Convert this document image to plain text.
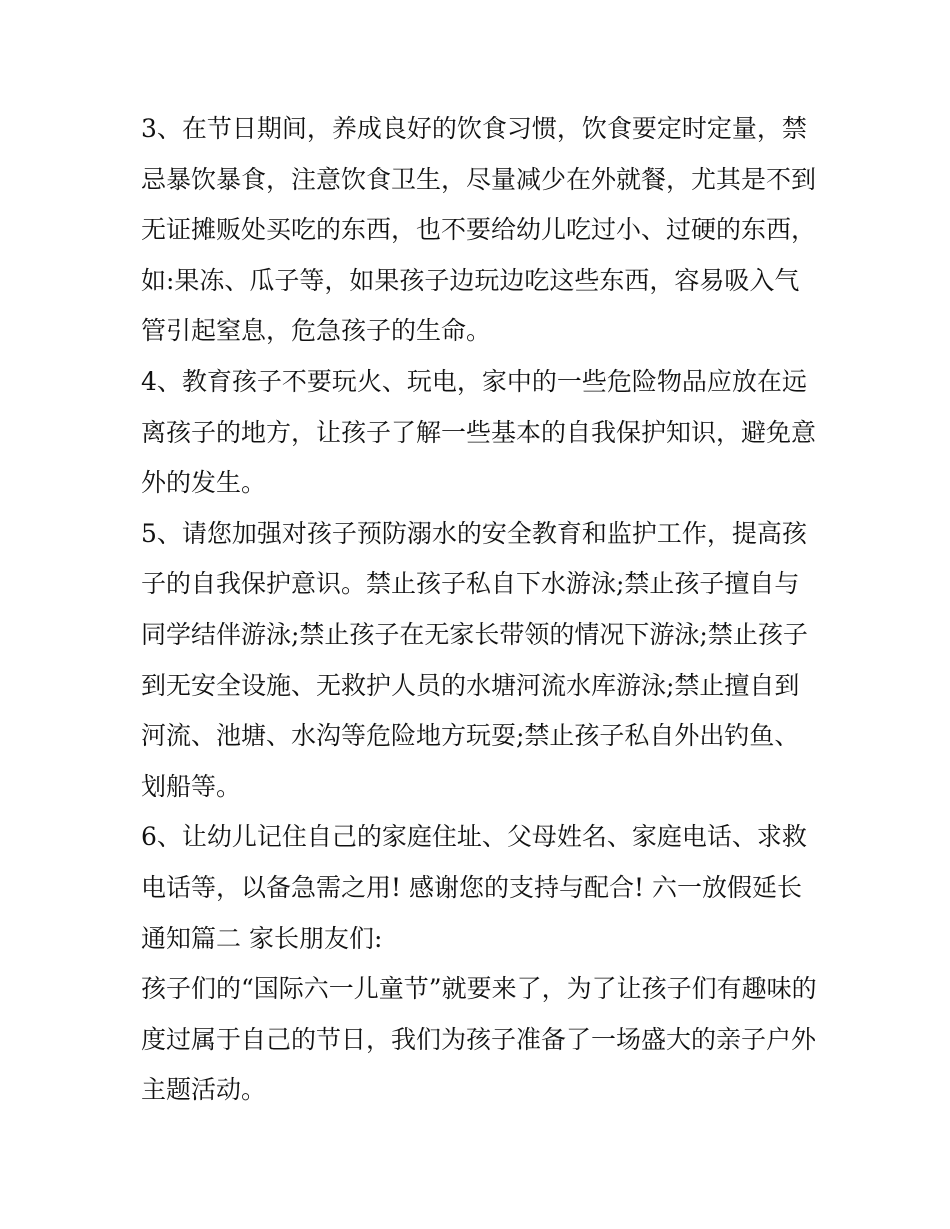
3、在节日期间，养成良好的饮食习惯，饮食要定时定量，禁
忌暴饮暴食，注意饮食卫生，尽量减少在外就餐，尤其是不到
无证摊贩处买吃的东西，也不要给幼儿吃过小、过硬的东西，
如:果冻、瓜子等，如果孩子边玩边吃这些东西，容易吸入气
管引起窒息，危急孩子的生命。
4、教育孩子不要玩火、玩电，家中的一些危险物品应放在远
离孩子的地方，让孩子了解一些基本的自我保护知识，避免意
外的发生。
5、请您加强对孩子预防溺水的安全教育和监护工作，提高孩
子的自我保护意识。禁止孩子私自下水游泳;禁止孩子擅自与
同学结伴游泳;禁止孩子在无家长带领的情况下游泳;禁止孩子
到无安全设施、无救护人员的水塘河流水库游泳;禁止擅自到
河流、池塘、水沟等危险地方玩耍;禁止孩子私自外出钓鱼、
划船等。
6、让幼儿记住自己的家庭住址、父母姓名、家庭电话、求救
电话等，以备急需之用! 感谢您的支持与配合! 六一放假延长
通知篇二 家长朋友们:
孩子们的“国际六一儿童节”就要来了，为了让孩子们有趣味的
度过属于自己的节日，我们为孩子准备了一场盛大的亲子户外
主题活动。
